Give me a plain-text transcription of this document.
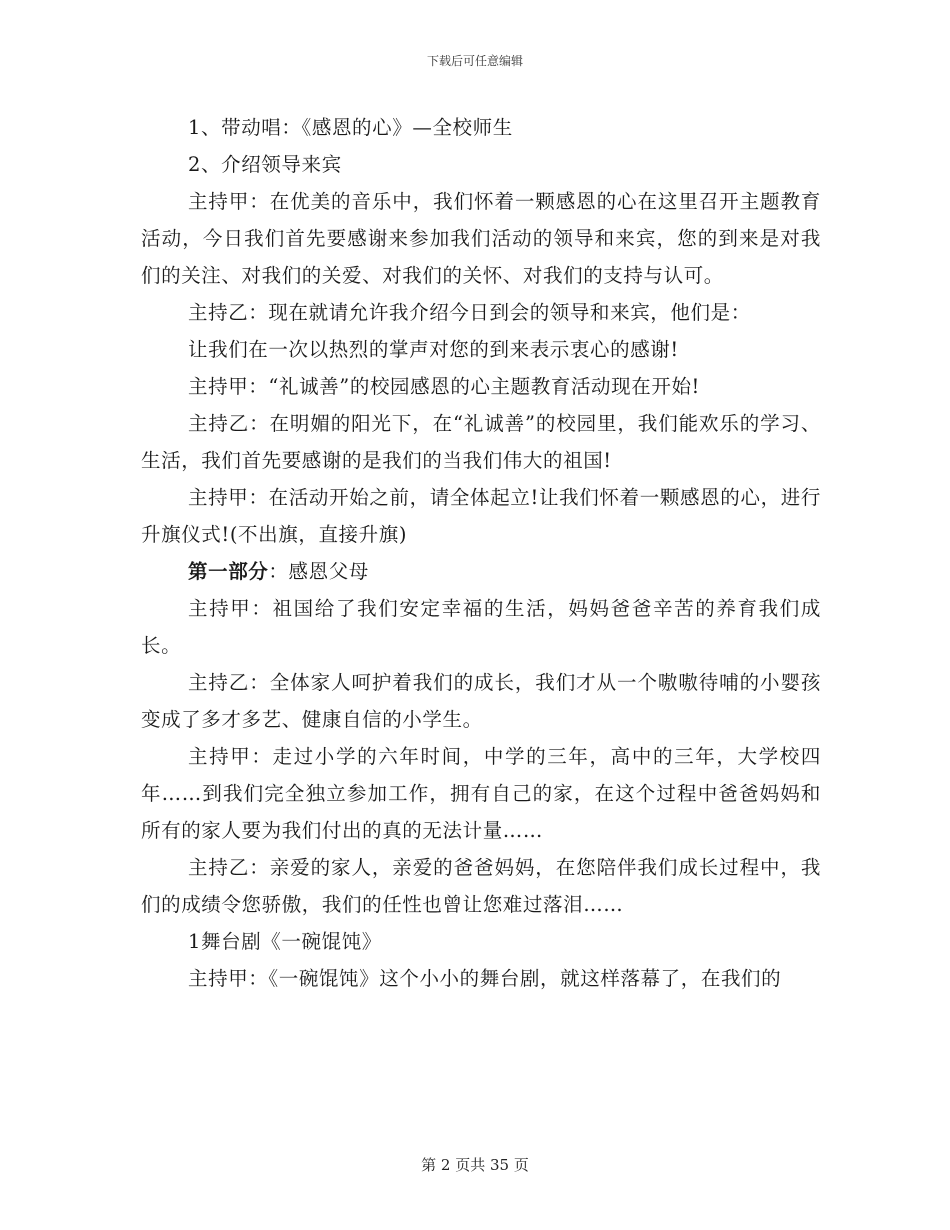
下载后可任意编辑

1、带动唱：《感恩的心》—全校师生

2、介绍领导来宾

主持甲：在优美的音乐中，我们怀着一颗感恩的心在这里召开主题教育活动，今日我们首先要感谢来参加我们活动的领导和来宾，您的到来是对我们的关注、对我们的关爱、对我们的关怀、对我们的支持与认可。

主持乙：现在就请允许我介绍今日到会的领导和来宾，他们是：

让我们在一次以热烈的掌声对您的到来表示衷心的感谢!

主持甲：“礼诚善”的校园感恩的心主题教育活动现在开始!

主持乙：在明媚的阳光下，在“礼诚善”的校园里，我们能欢乐的学习、生活，我们首先要感谢的是我们的当我们伟大的祖国!

主持甲：在活动开始之前，请全体起立!让我们怀着一颗感恩的心，进行升旗仪式!(不出旗，直接升旗)

第一部分：感恩父母

主持甲：祖国给了我们安定幸福的生活，妈妈爸爸辛苦的养育我们成长。

主持乙：全体家人呵护着我们的成长，我们才从一个嗷嗷待哺的小婴孩变成了多才多艺、健康自信的小学生。

主持甲：走过小学的六年时间，中学的三年，高中的三年，大学校四年……到我们完全独立参加工作，拥有自己的家，在这个过程中爸爸妈妈和所有的家人要为我们付出的真的无法计量……

主持乙：亲爱的家人，亲爱的爸爸妈妈，在您陪伴我们成长过程中，我们的成绩令您骄傲，我们的任性也曾让您难过落泪……

1舞台剧《一碗馄饨》

主持甲：《一碗馄饨》这个小小的舞台剧，就这样落幕了，在我们的

第 2 页共 35 页
